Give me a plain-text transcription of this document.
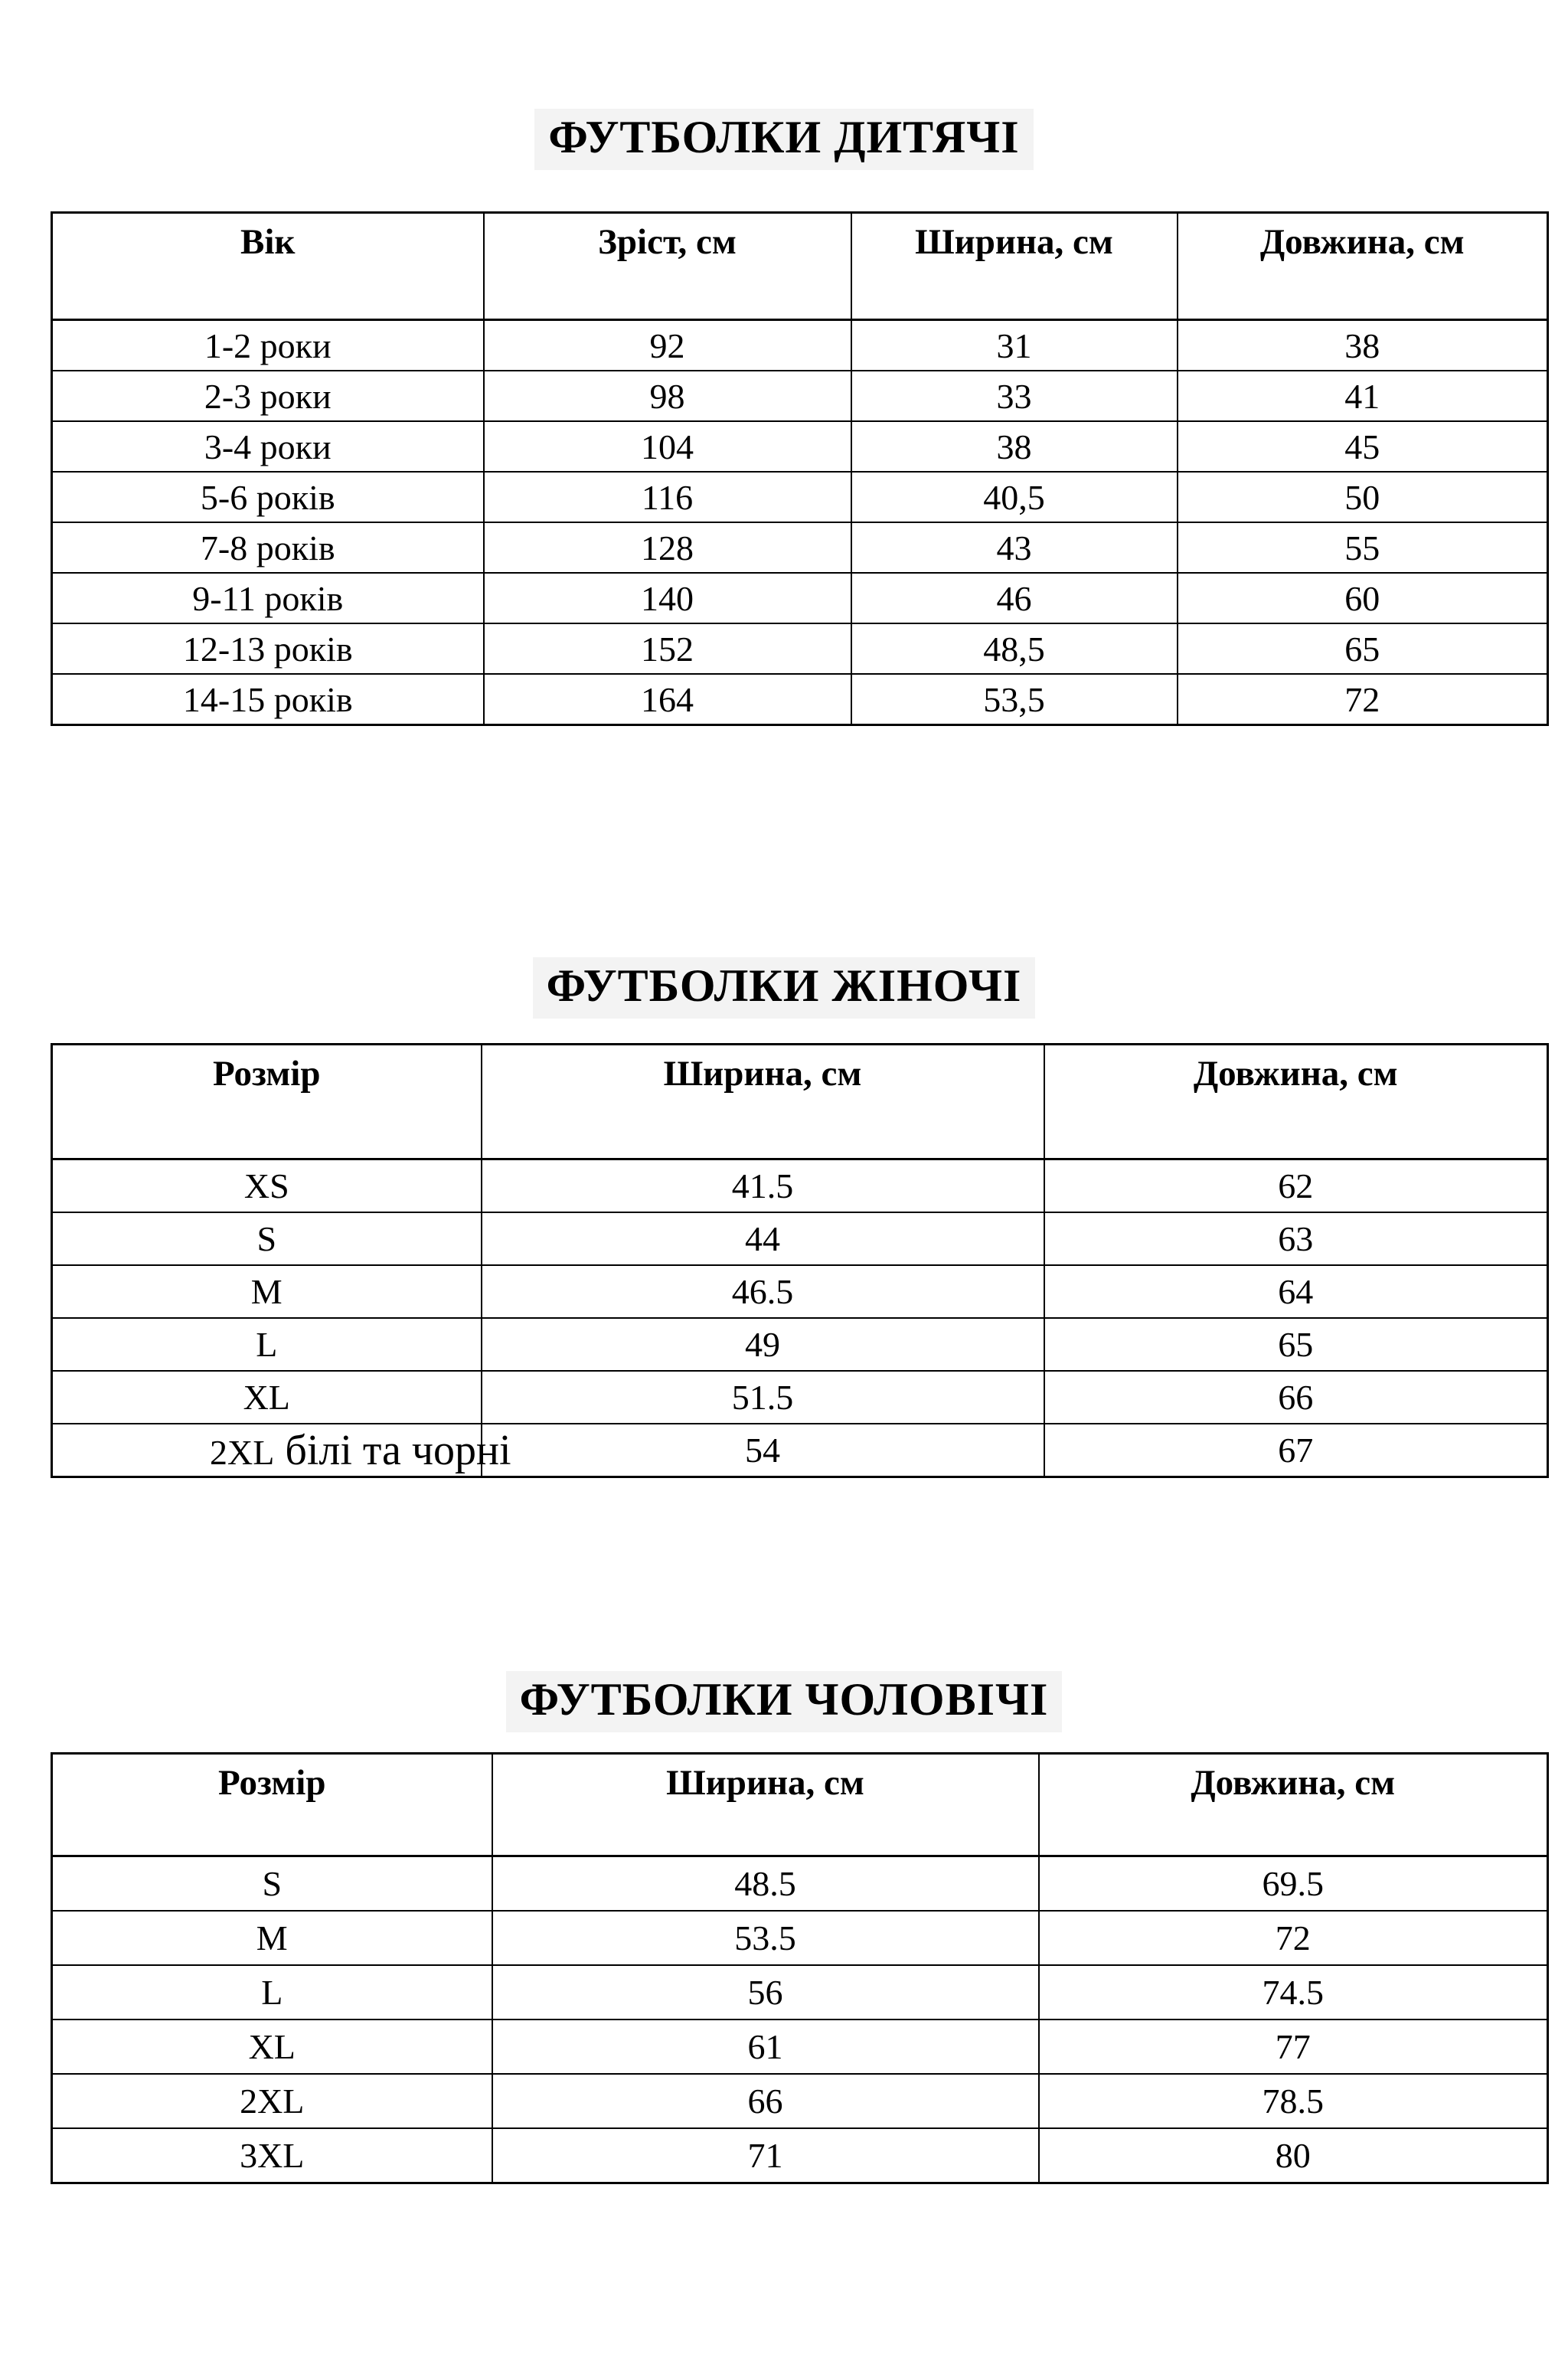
ФУТБОЛКИ ДИТЯЧІ
Вік	Зріст, см	Ширина, см	Довжина, см
1-2 роки	92	31	38
2-3 роки	98	33	41
3-4 роки	104	38	45
5-6 років	116	40,5	50
7-8 років	128	43	55
9-11 років	140	46	60
12-13 років	152	48,5	65
14-15 років	164	53,5	72
ФУТБОЛКИ ЖІНОЧІ
Розмір	Ширина, см	Довжина, см
XS	41.5	62
S	44	63
M	46.5	64
L	49	65
XL	51.5	66
2XL білі та чорні	54	67
ФУТБОЛКИ ЧОЛОВІЧІ
Розмір	Ширина, см	Довжина, см
S	48.5	69.5
M	53.5	72
L	56	74.5
XL	61	77
2XL	66	78.5
3XL	71	80
